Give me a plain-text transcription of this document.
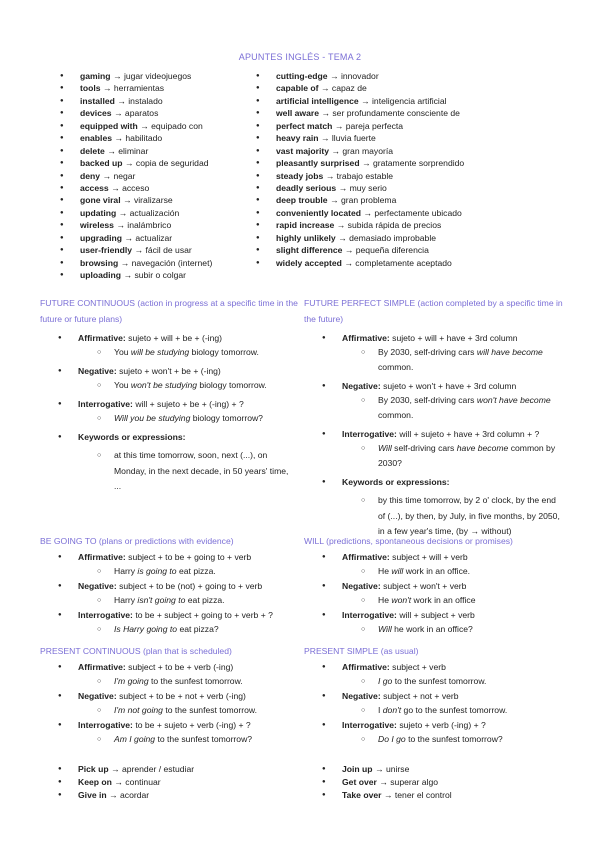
APUNTES INGLÉS - TEMA 2
● gaming → jugar videojuegos
● tools → herramientas
● installed → instalado
● devices → aparatos
● equipped with → equipado con
● enables → habilitado
● delete → eliminar
● backed up → copia de seguridad
● deny → negar
● access → acceso
● gone viral → viralizarse
● updating → actualización
● wireless → inalámbrico
● upgrading → actualizar
● user-friendly → fácil de usar
● browsing → navegación (internet)
● uploading → subir o colgar
● cutting-edge → innovador
● capable of → capaz de
● artificial intelligence → inteligencia artificial
● well aware → ser profundamente consciente de
● perfect match → pareja perfecta
● heavy rain → lluvia fuerte
● vast majority → gran mayoría
● pleasantly surprised → gratamente sorprendido
● steady jobs → trabajo estable
● deadly serious → muy serio
● deep trouble → gran problema
● conveniently located → perfectamente ubicado
● rapid increase → subida rápida de precios
● highly unlikely → demasiado improbable
● slight difference → pequeña diferencia
● widely accepted → completamente aceptado
FUTURE CONTINUOUS (action in progress at a specific time in the future or future plans)
● Affirmative: sujeto + will + be + (-ing)
○ You will be studying biology tomorrow.
● Negative: sujeto + won't + be + (-ing)
○ You won't be studying biology tomorrow.
● Interrogative: will + sujeto + be + (-ing) + ?
○ Will you be studying biology tomorrow?
● Keywords or expressions:
○ at this time tomorrow, soon, next (...), on Monday, in the next decade, in 50 years' time, ...
FUTURE PERFECT SIMPLE (action completed by a specific time in the future)
● Affirmative: sujeto + will + have + 3rd column
○ By 2030, self-driving cars will have become common.
● Negative: sujeto + won't + have + 3rd column
○ By 2030, self-driving cars won't have become common.
● Interrogative: will + sujeto + have + 3rd column + ?
○ Will self-driving cars have become common by 2030?
● Keywords or expressions:
○ by this time tomorrow, by 2 o' clock, by the end of (...), by then, by July, in five months, by 2050, in a few year's time, (by → without)
BE GOING TO (plans or predictions with evidence)
● Affirmative: subject + to be + going to + verb
○ Harry is going to eat pizza.
● Negative: subject + to be (not) + going to + verb
○ Harry isn't going to eat pizza.
● Interrogative: to be + subject + going to + verb + ?
○ Is Harry going to eat pizza?
WILL (predictions, spontaneous decisions or promises)
● Affirmative: subject + will + verb
○ He will work in an office.
● Negative: subject + won't + verb
○ He won't work in an office
● Interrogative: will + subject + verb
○ Will he work in an office?
PRESENT CONTINUOUS (plan that is scheduled)
● Affirmative: subject + to be + verb (-ing)
○ I'm going to the sunfest tomorrow.
● Negative: subject + to be + not + verb (-ing)
○ I'm not going to the sunfest tomorrow.
● Interrogative: to be + sujeto + verb (-ing) + ?
○ Am I going to the sunfest tomorrow?
PRESENT SIMPLE (as usual)
● Affirmative: subject + verb
○ I go to the sunfest tomorrow.
● Negative: subject + not + verb
○ I don't go to the sunfest tomorrow.
● Interrogative: sujeto + verb (-ing) + ?
○ Do I go to the sunfest tomorrow?
● Pick up → aprender / estudiar
● Keep on → continuar
● Give in → acordar
● Join up → unirse
● Get over → superar algo
● Take over → tener el control
